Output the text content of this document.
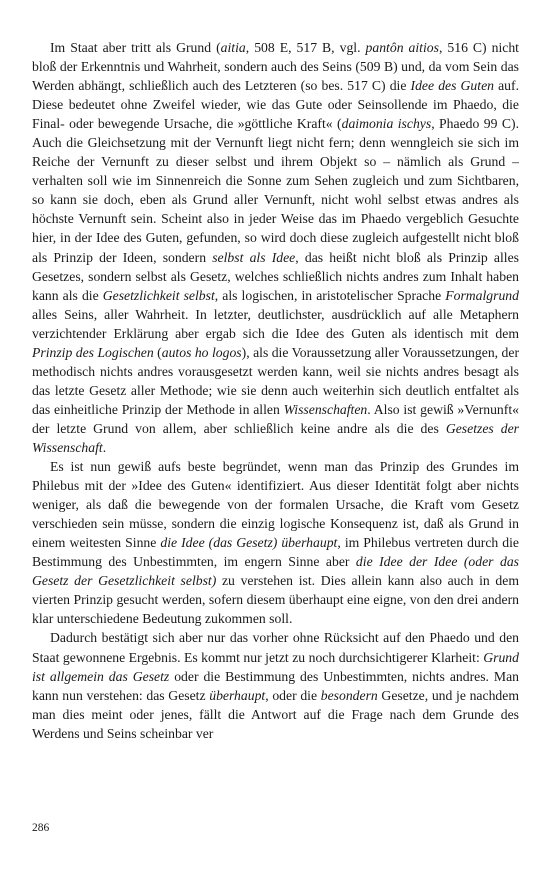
Im Staat aber tritt als Grund (aitia, 508 E, 517 B, vgl. pantôn aitios, 516 C) nicht bloß der Erkenntnis und Wahrheit, sondern auch des Seins (509 B) und, da vom Sein das Werden abhängt, schließlich auch des Letzteren (so bes. 517 C) die Idee des Guten auf. Diese bedeutet ohne Zweifel wieder, wie das Gute oder Seinsollende im Phaedo, die Final- oder bewegende Ursache, die »göttliche Kraft« (daimonia ischys, Phaedo 99 C). Auch die Gleichsetzung mit der Vernunft liegt nicht fern; denn wenngleich sie sich im Reiche der Vernunft zu dieser selbst und ihrem Objekt so – nämlich als Grund – verhalten soll wie im Sinnenreich die Sonne zum Sehen zugleich und zum Sichtbaren, so kann sie doch, eben als Grund aller Vernunft, nicht wohl selbst etwas andres als höchste Vernunft sein. Scheint also in jeder Weise das im Phaedo vergeblich Gesuchte hier, in der Idee des Guten, gefunden, so wird doch diese zugleich aufgestellt nicht bloß als Prinzip der Ideen, sondern selbst als Idee, das heißt nicht bloß als Prinzip alles Gesetzes, sondern selbst als Gesetz, welches schließlich nichts andres zum Inhalt haben kann als die Gesetzlichkeit selbst, als logischen, in aristotelischer Sprache Formalgrund alles Seins, aller Wahrheit. In letzter, deutlichster, ausdrücklich auf alle Metaphern verzichtender Erklärung aber ergab sich die Idee des Guten als identisch mit dem Prinzip des Logischen (autos ho logos), als die Voraussetzung aller Voraussetzungen, der methodisch nichts andres vorausgesetzt werden kann, weil sie nichts andres besagt als das letzte Gesetz aller Methode; wie sie denn auch weiterhin sich deutlich entfaltet als das einheitliche Prinzip der Methode in allen Wissenschaften. Also ist gewiß »Vernunft« der letzte Grund von allem, aber schließlich keine andre als die des Gesetzes der Wissenschaft.

Es ist nun gewiß aufs beste begründet, wenn man das Prinzip des Grundes im Philebus mit der »Idee des Guten« identifiziert. Aus dieser Identität folgt aber nichts weniger, als daß die bewegende von der formalen Ursache, die Kraft vom Gesetz verschieden sein müsse, sondern die einzig logische Konsequenz ist, daß als Grund in einem weitesten Sinne die Idee (das Gesetz) überhaupt, im Philebus vertreten durch die Bestimmung des Unbestimmten, im engern Sinne aber die Idee der Idee (oder das Gesetz der Gesetzlichkeit selbst) zu verstehen ist. Dies allein kann also auch in dem vierten Prinzip gesucht werden, sofern diesem überhaupt eine eigne, von den drei andern klar unterschiedene Bedeutung zukommen soll.

Dadurch bestätigt sich aber nur das vorher ohne Rücksicht auf den Phaedo und den Staat gewonnene Ergebnis. Es kommt nur jetzt zu noch durchsichtigerer Klarheit: Grund ist allgemein das Gesetz oder die Bestimmung des Unbestimmten, nichts andres. Man kann nun verstehen: das Gesetz überhaupt, oder die besondern Gesetze, und je nachdem man dies meint oder jenes, fällt die Antwort auf die Frage nach dem Grunde des Werdens und Seins scheinbar ver

286
